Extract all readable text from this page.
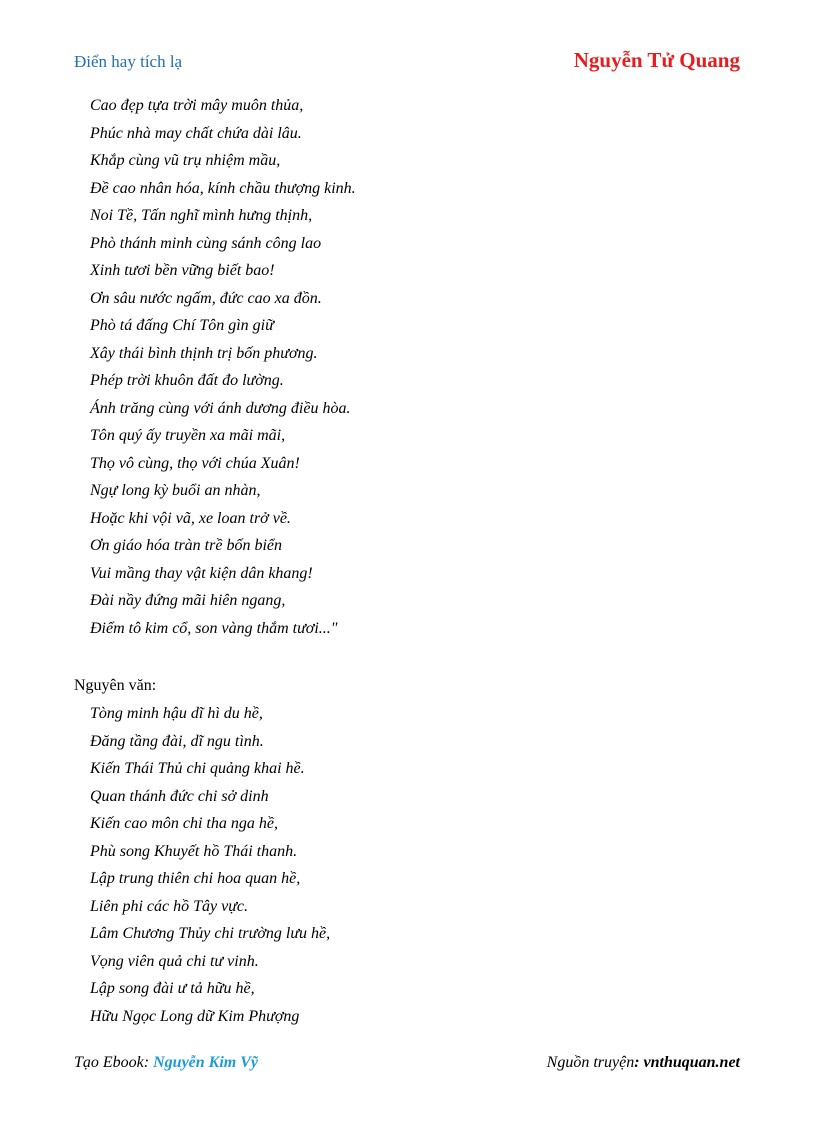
Điển hay tích lạ	Nguyễn Tử Quang
Cao đẹp tựa trời mây muôn thủa,
Phúc nhà may chất chứa dài lâu.
Khắp cùng vũ trụ nhiệm mầu,
Đề cao nhân hóa, kính chầu thượng kinh.
Noi Tề, Tấn nghĩ mình hưng thịnh,
Phò thánh minh cùng sánh công lao
Xinh tươi bền vững biết bao!
Ơn sâu nước ngấm, đức cao xa đồn.
Phò tá đấng Chí Tôn gìn giữ
Xây thái bình thịnh trị bốn phương.
Phép trời khuôn đất đo lường.
Ánh trăng cùng với ánh dương điều hòa.
Tôn quý ấy truyền xa mãi mãi,
Thọ vô cùng, thọ với chúa Xuân!
Ngự long kỳ buổi an nhàn,
Hoặc khi vội vã, xe loan trở về.
Ơn giáo hóa tràn trề bốn biển
Vui mầng thay vật kiện dân khang!
Đài nầy đứng mãi hiên ngang,
Điểm tô kim cổ, son vàng thắm tươi..."
Nguyên văn:
Tòng minh hậu dĩ hì du hề,
Đăng tầng đài, dĩ ngu tình.
Kiến Thái Thủ chi quảng khai hề.
Quan thánh đức chi sở dinh
Kiến cao môn chi tha nga hề,
Phù song Khuyết hồ Thái thanh.
Lập trung thiên chi hoa quan hề,
Liên phi các hồ Tây vực.
Lâm Chương Thủy chi trường lưu hề,
Vọng viên quả chi tư vinh.
Lập song đài ư tả hữu hề,
Hữu Ngọc Long dữ Kim Phượng
Tạo Ebook: Nguyễn Kim Vỹ	Nguồn truyện: vnthuquan.net
